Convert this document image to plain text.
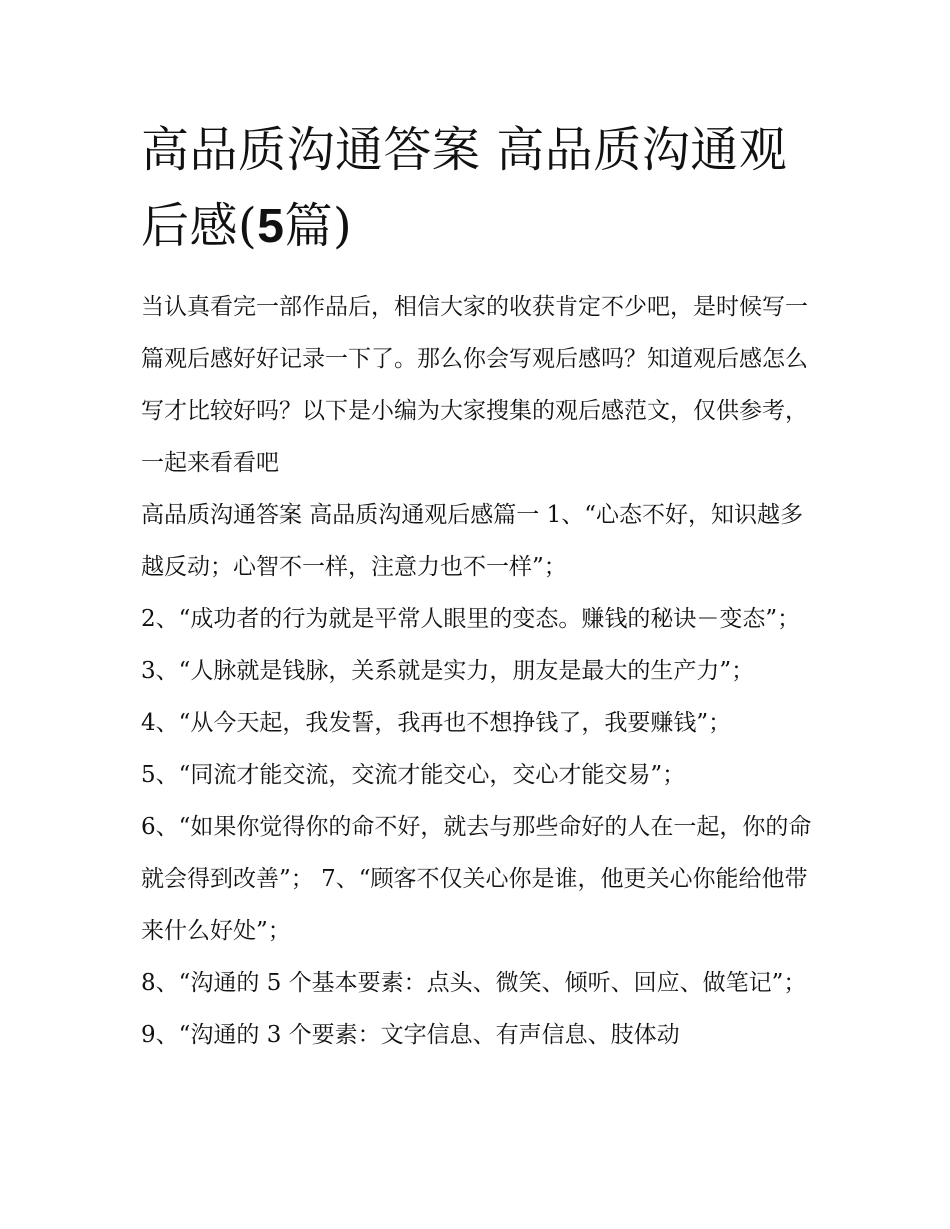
高品质沟通答案 高品质沟通观后感(5篇)

当认真看完一部作品后，相信大家的收获肯定不少吧，是时候写一篇观后感好好记录一下了。那么你会写观后感吗？知道观后感怎么写才比较好吗？以下是小编为大家搜集的观后感范文，仅供参考，一起来看看吧

高品质沟通答案 高品质沟通观后感篇一 1、“心态不好，知识越多越反动；心智不一样，注意力也不一样”；

2、“成功者的行为就是平常人眼里的变态。赚钱的秘诀－变态”； 3、“人脉就是钱脉，关系就是实力，朋友是最大的生产力”；

4、“从今天起，我发誓，我再也不想挣钱了，我要赚钱”；

5、“同流才能交流，交流才能交心，交心才能交易”；

6、“如果你觉得你的命不好，就去与那些命好的人在一起，你的命就会得到改善”； 7、“顾客不仅关心你是谁，他更关心你能给他带来什么好处”；

8、“沟通的 5 个基本要素：点头、微笑、倾听、回应、做笔记”； 9、“沟通的 3 个要素：文字信息、有声信息、肢体动
